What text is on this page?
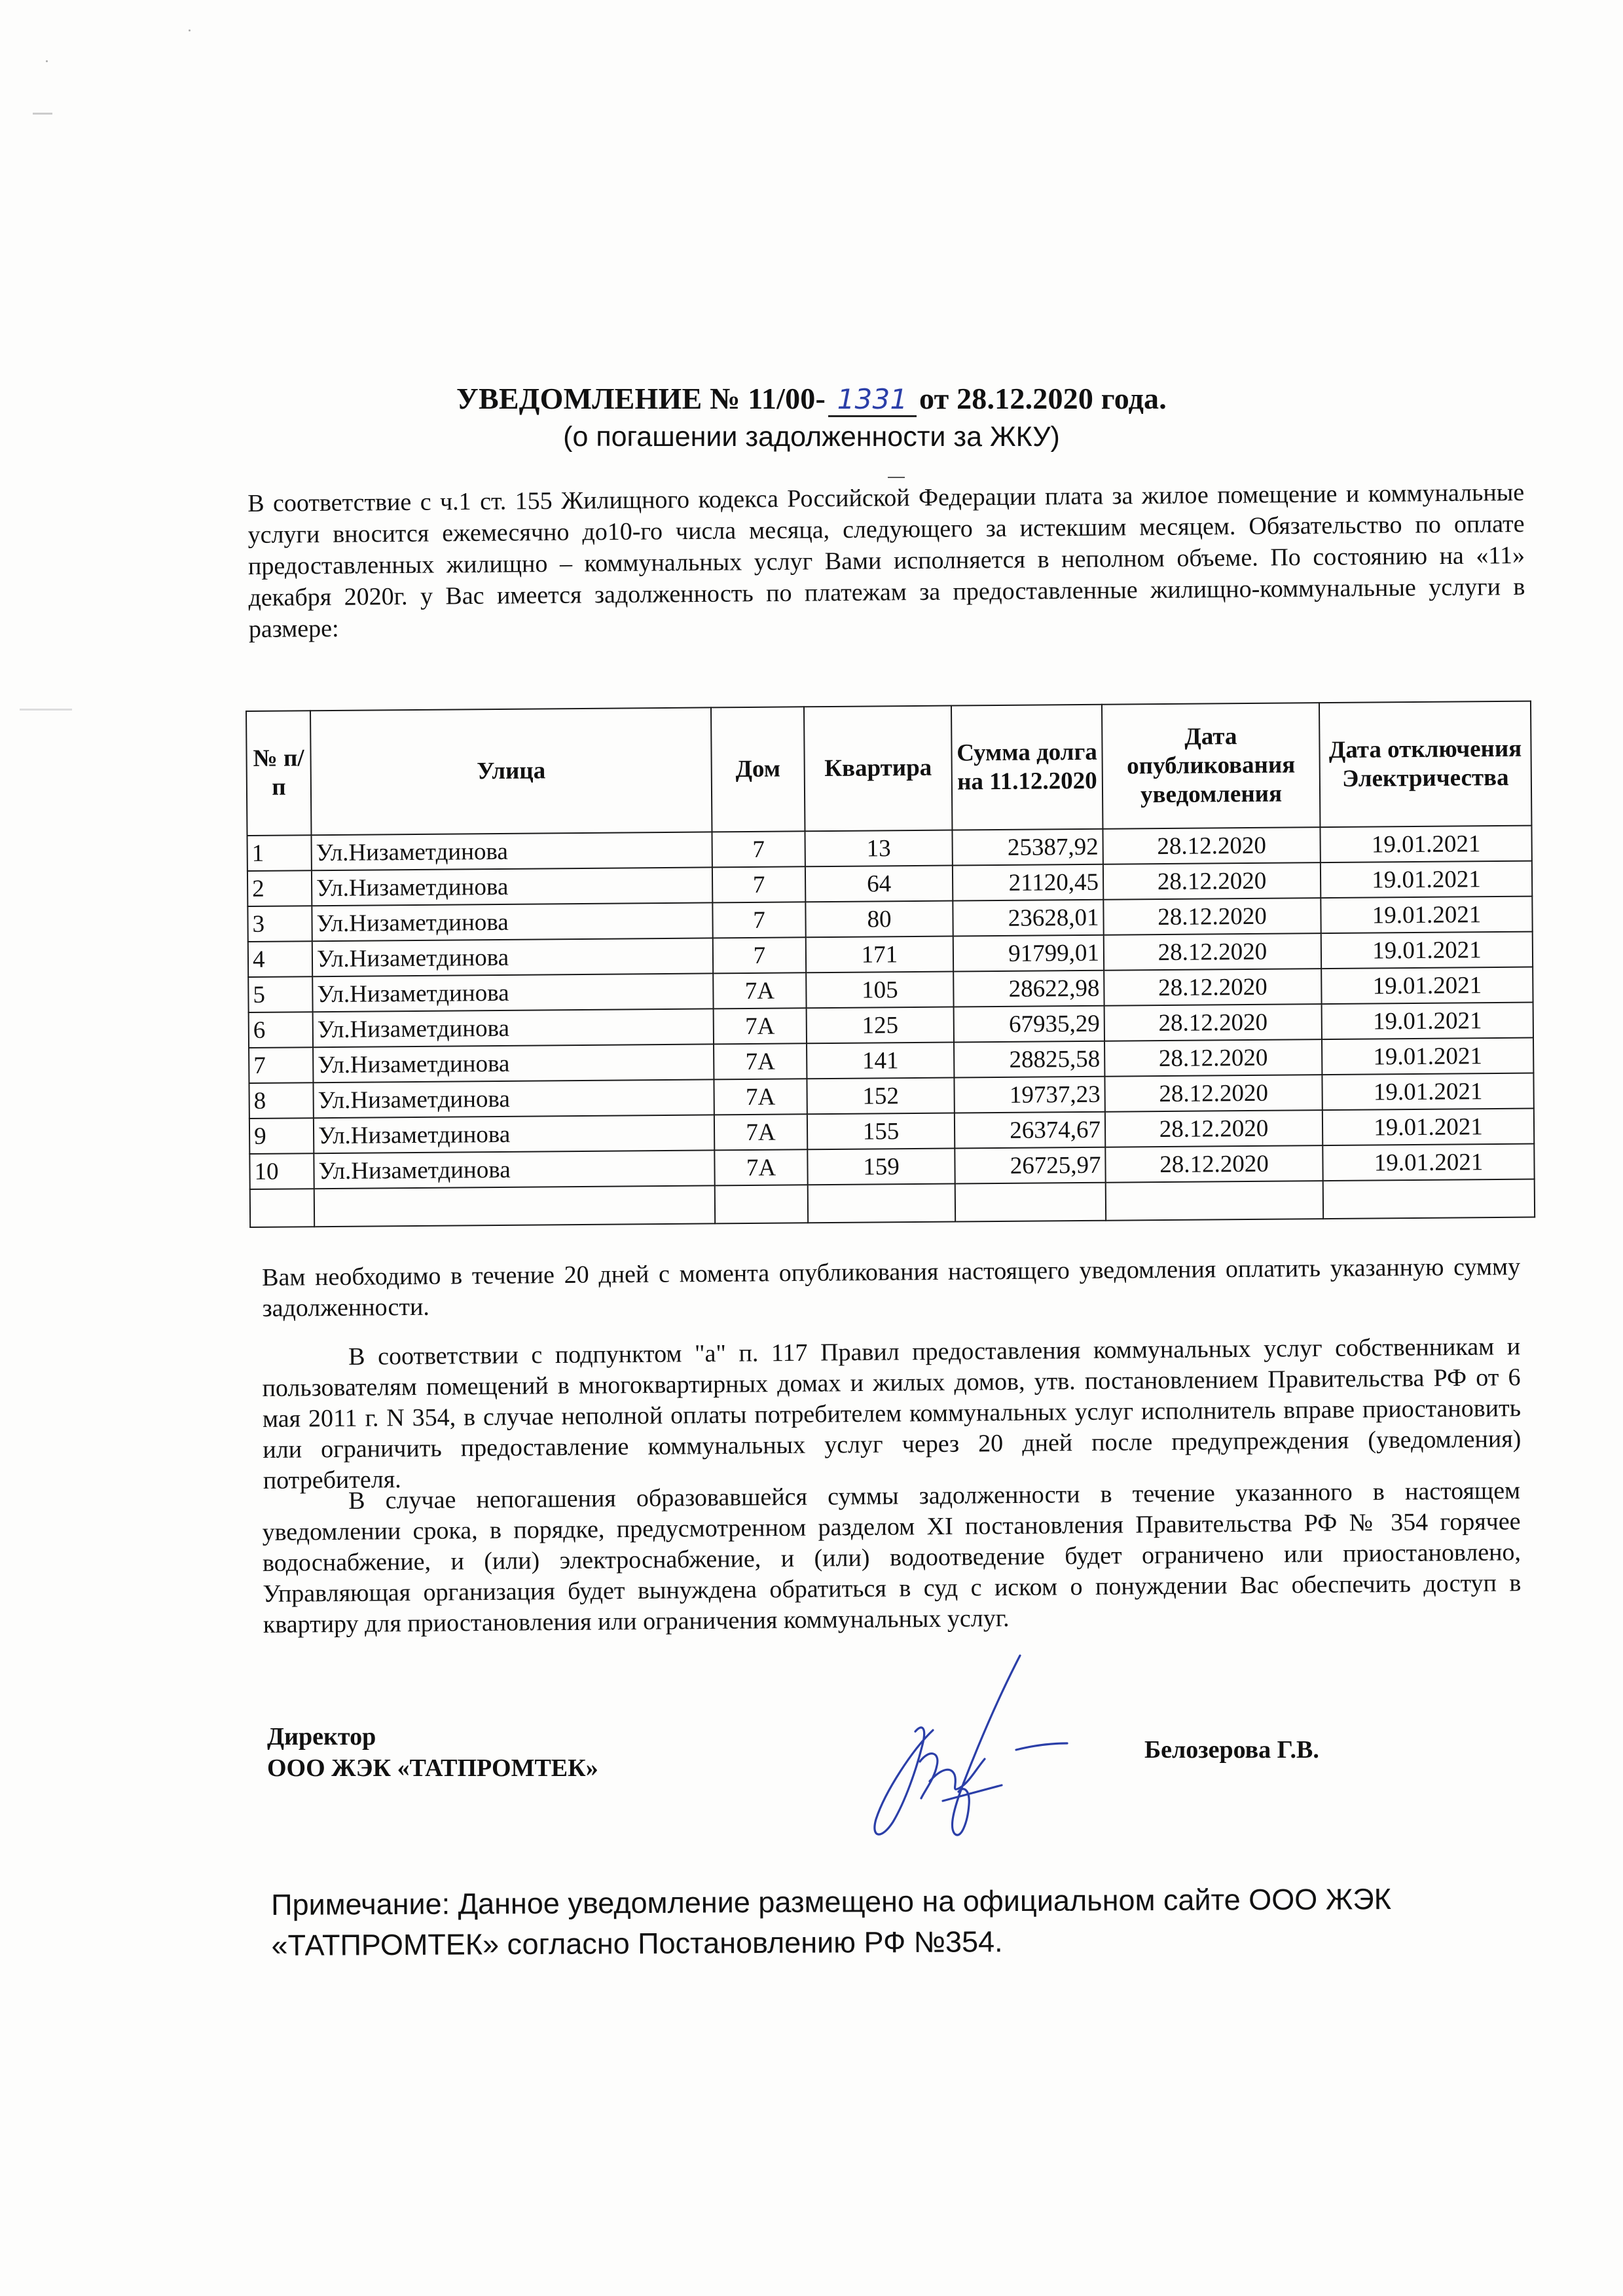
УВЕДОМЛЕНИЕ № 11/00- 1331 от 28.12.2020 года.
(о погашении задолженности за ЖКУ)
В соответствие с ч.1 ст. 155 Жилищного кодекса Российской Федерации плата за жилое помещение и коммунальные услуги вносится ежемесячно до10-го числа месяца, следующего за истекшим месяцем. Обязательство по оплате предоставленных жилищно – коммунальных услуг Вами исполняется в неполном объеме. По состоянию на «11» декабря 2020г. у Вас имеется задолженность по платежам за предоставленные жилищно-коммунальные услуги в размере:
№ п/п	Улица	Дом	Квартира	Сумма долга на 11.12.2020	Дата опубликования уведомления	Дата отключения Электричества
1	Ул.Низаметдинова	7	13	25387,92	28.12.2020	19.01.2021
2	Ул.Низаметдинова	7	64	21120,45	28.12.2020	19.01.2021
3	Ул.Низаметдинова	7	80	23628,01	28.12.2020	19.01.2021
4	Ул.Низаметдинова	7	171	91799,01	28.12.2020	19.01.2021
5	Ул.Низаметдинова	7А	105	28622,98	28.12.2020	19.01.2021
6	Ул.Низаметдинова	7А	125	67935,29	28.12.2020	19.01.2021
7	Ул.Низаметдинова	7А	141	28825,58	28.12.2020	19.01.2021
8	Ул.Низаметдинова	7А	152	19737,23	28.12.2020	19.01.2021
9	Ул.Низаметдинова	7А	155	26374,67	28.12.2020	19.01.2021
10	Ул.Низаметдинова	7А	159	26725,97	28.12.2020	19.01.2021

Вам необходимо в течение 20 дней с момента опубликования настоящего уведомления оплатить указанную сумму задолженности.
В соответствии с подпунктом "а" п. 117 Правил предоставления коммунальных услуг собственникам и пользователям помещений в многоквартирных домах и жилых домов, утв. постановлением Правительства РФ от 6 мая 2011 г. N 354, в случае неполной оплаты потребителем коммунальных услуг исполнитель вправе приостановить или ограничить предоставление коммунальных услуг через 20 дней после предупреждения (уведомления) потребителя.
В случае непогашения образовавшейся суммы задолженности в течение указанного в настоящем уведомлении срока, в порядке, предусмотренном разделом XI постановления Правительства РФ № 354 горячее водоснабжение, и (или) электроснабжение, и (или) водоотведение будет ограничено или приостановлено, Управляющая организация будет вынуждена обратиться в суд с иском о понуждении Вас обеспечить доступ в квартиру для приостановления или ограничения коммунальных услуг.
Директор
ООО ЖЭК «ТАТПРОМТЕК»
Белозерова Г.В.
Примечание: Данное уведомление размещено на официальном сайте ООО ЖЭК «ТАТПРОМТЕК» согласно Постановлению РФ №354.
